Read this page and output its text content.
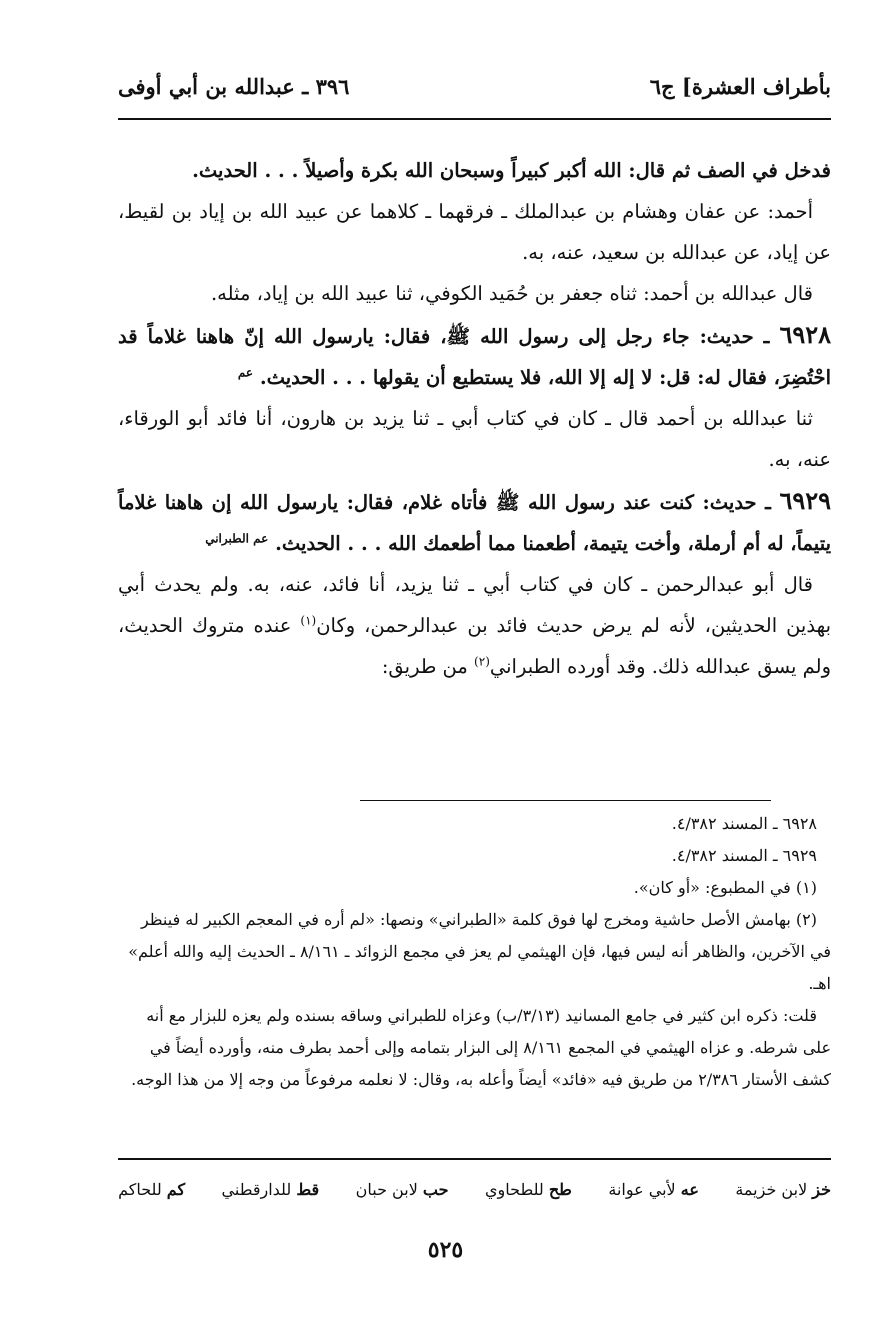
بأطراف العشرة] ج٦
٣٩٦ ـ عبدالله بن أبي أوفى

فدخل في الصف ثم قال: الله أكبر كبيراً وسبحان الله بكرة وأصيلاً . . . الحديث.

أحمد: عن عفان وهشام بن عبدالملك ـ فرقهما ـ كلاهما عن عبيد الله بن إياد بن لقيط، عن إياد، عن عبدالله بن سعيد، عنه، به.

قال عبدالله بن أحمد: ثناه جعفر بن حُمَيد الكوفي، ثنا عبيد الله بن إياد، مثله.

٦٩٢٨ ـ حديث: جاء رجل إلى رسول الله ﷺ، فقال: يارسول الله إنّ هاهنا غلاماً قد احْتُضِرَ، فقال له: قل: لا إله إلا الله، فلا يستطيع أن يقولها . . . الحديث. $^{عم}$

ثنا عبدالله بن أحمد قال ـ كان في كتاب أبي ـ ثنا يزيد بن هارون، أنا فائد أبو الورقاء، عنه، به.

٦٩٢٩ ـ حديث: كنت عند رسول الله ﷺ فأتاه غلام، فقال: يارسول الله إن هاهنا غلاماً يتيماً، له أم أرملة، وأخت يتيمة، أطعمنا مما أطعمك الله . . . الحديث. $^{عم الطبراني}$

قال أبو عبدالرحمن ـ كان في كتاب أبي ـ ثنا يزيد، أنا فائد، عنه، به. ولم يحدث أبي بهذين الحديثين، لأنه لم يرض حديث فائد بن عبدالرحمن، وكان$^{(١)}$ عنده متروك الحديث، ولم يسق عبدالله ذلك. وقد أورده الطبراني$^{(٢)}$ من طريق:

٦٩٢٨ ـ المسند ٤/٣٨٢.

٦٩٢٩ ـ المسند ٤/٣٨٢.

(١) في المطبوع: «أو كان».

(٢) بهامش الأصل حاشية ومخرج لها فوق كلمة «الطبراني» ونصها: «لم أره في المعجم الكبير له فينظر في الآخرين، والظاهر أنه ليس فيها، فإن الهيثمي لم يعز في مجمع الزوائد ـ ٨/١٦١ ـ الحديث إليه والله أعلم» اهـ.

قلت: ذكره ابن كثير في جامع المسانيد (٣/١٣/ب) وعزاه للطبراني وساقه بسنده ولم يعزه للبزار مع أنه على شرطه. و عزاه الهيثمي في المجمع ٨/١٦١ إلى البزار بتمامه وإلى أحمد بطرف منه، وأورده أيضاً في كشف الأستار ٢/٣٨٦ من طريق فيه «فائد» أيضاً وأعله به، وقال: لا نعلمه مرفوعاً من وجه إلا من هذا الوجه.

خز لابن خزيمة
عه لأبي عوانة
طح للطحاوي
حب لابن حبان
قط للدارقطني
كم للحاكم
٥٢٥
